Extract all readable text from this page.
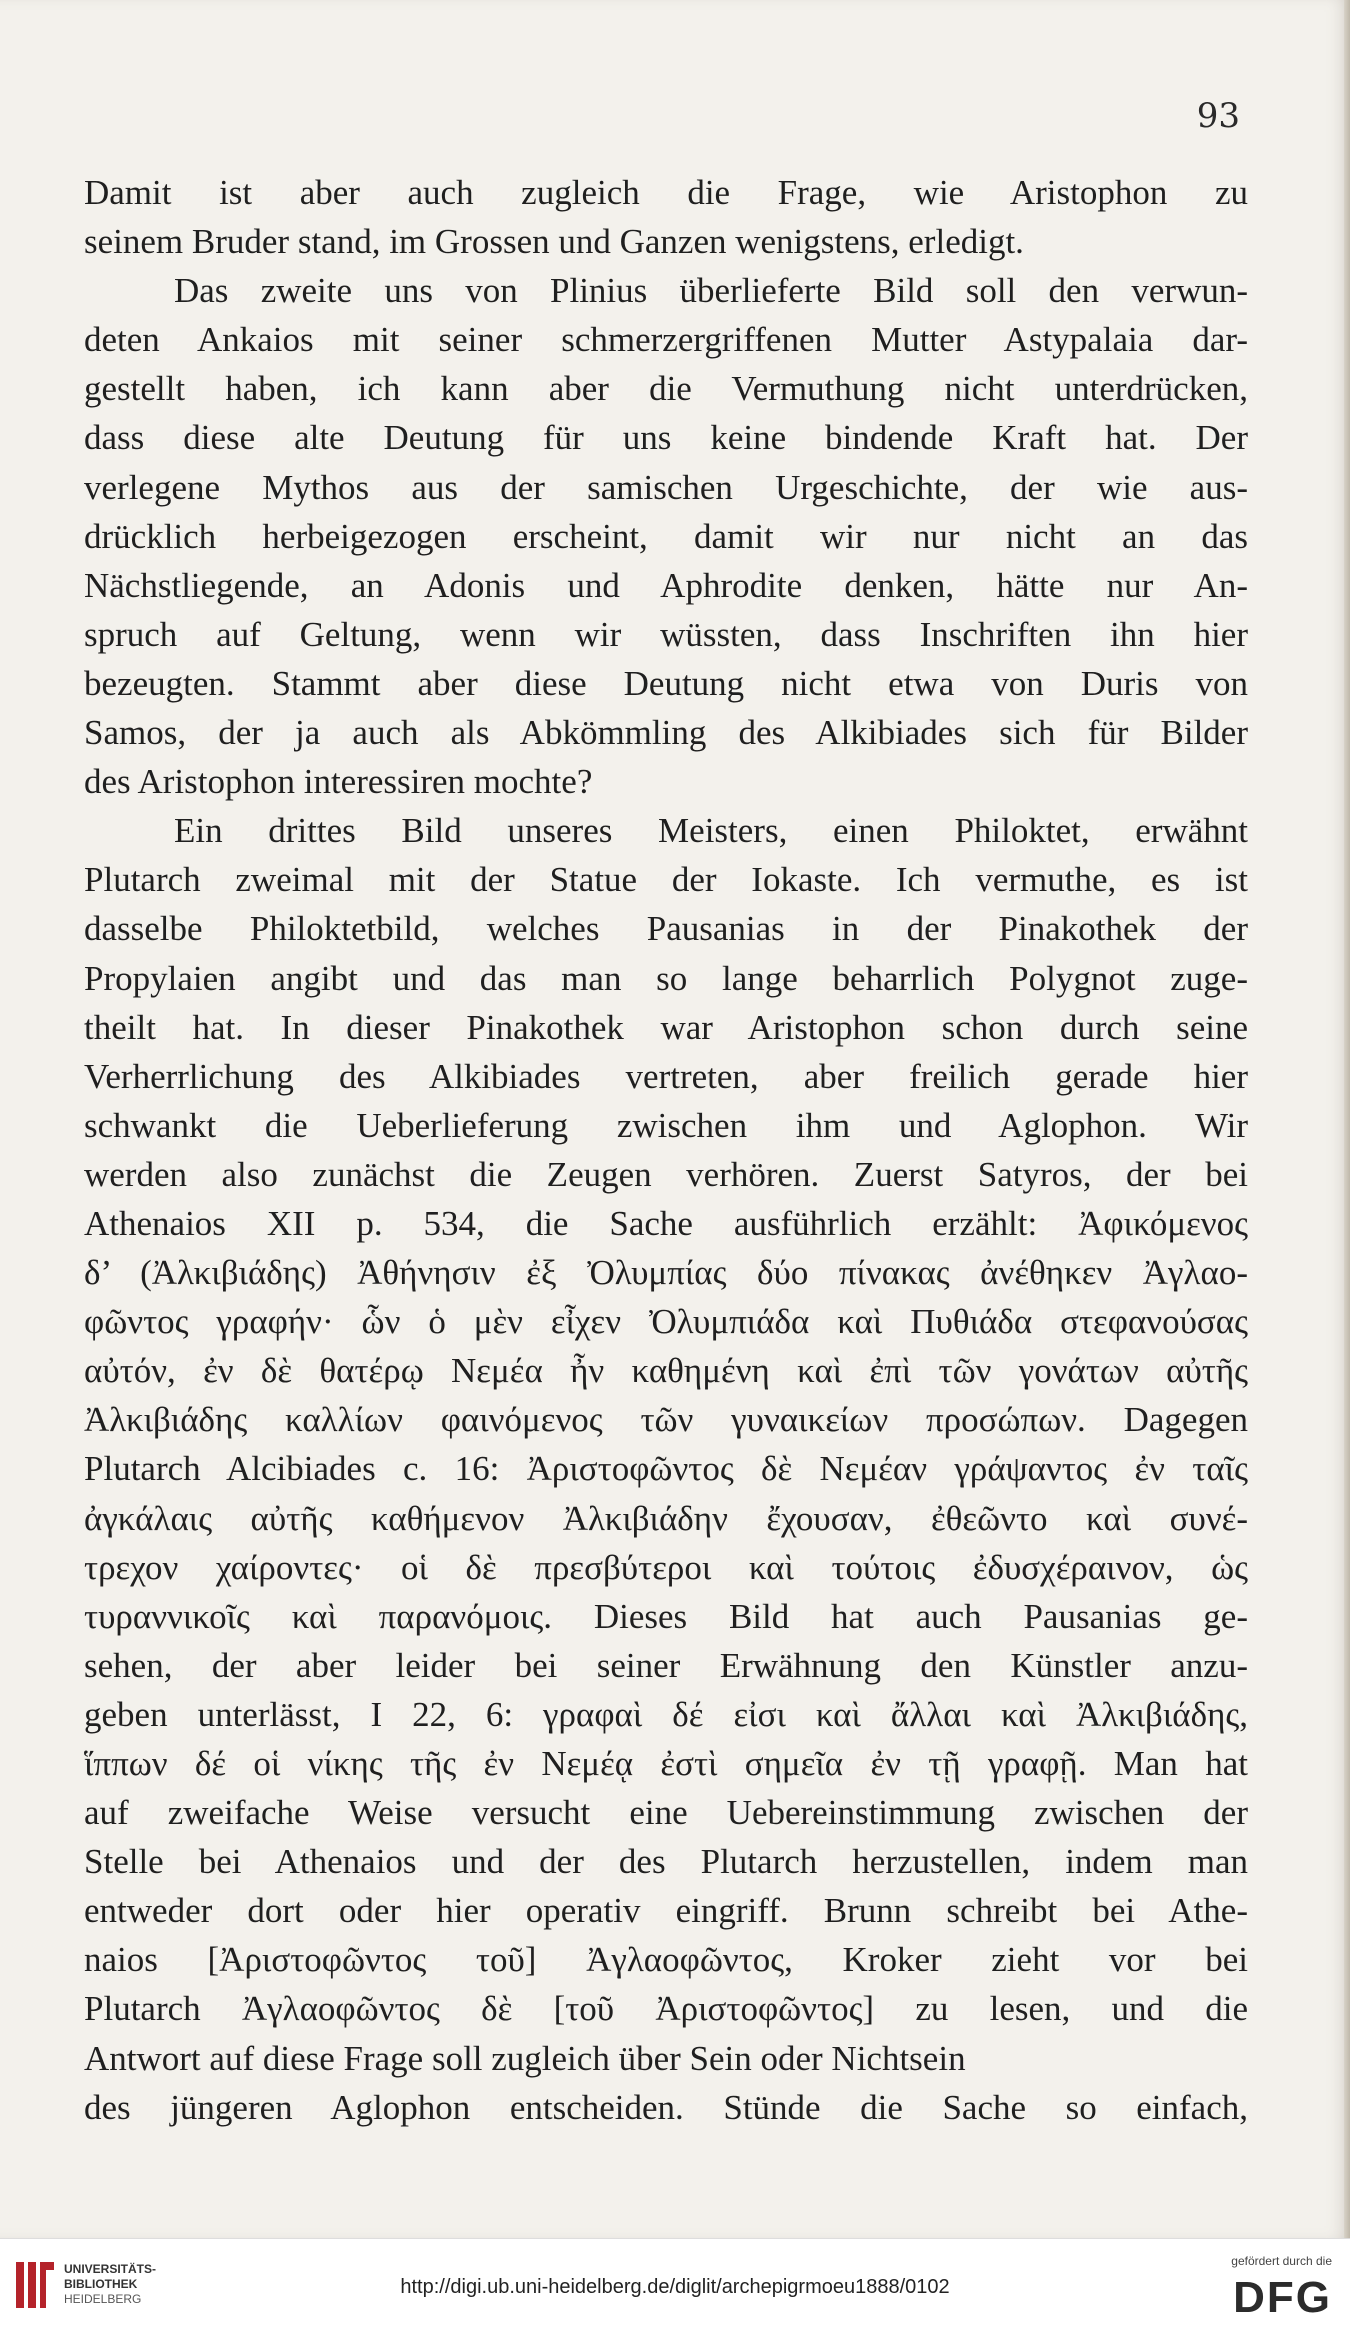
93
Damit ist aber auch zugleich die Frage, wie Aristophon zu
seinem Bruder stand, im Grossen und Ganzen wenigstens, erledigt.
Das zweite uns von Plinius überlieferte Bild soll den verwun-
deten Ankaios mit seiner schmerzergriffenen Mutter Astypalaia dar-
gestellt haben, ich kann aber die Vermuthung nicht unterdrücken,
dass diese alte Deutung für uns keine bindende Kraft hat. Der
verlegene Mythos aus der samischen Urgeschichte, der wie aus-
drücklich herbeigezogen erscheint, damit wir nur nicht an das
Nächstliegende, an Adonis und Aphrodite denken, hätte nur An-
spruch auf Geltung, wenn wir wüssten, dass Inschriften ihn hier
bezeugten. Stammt aber diese Deutung nicht etwa von Duris von
Samos, der ja auch als Abkömmling des Alkibiades sich für Bilder
des Aristophon interessiren mochte?
Ein drittes Bild unseres Meisters, einen Philoktet, erwähnt
Plutarch zweimal mit der Statue der Iokaste. Ich vermuthe, es ist
dasselbe Philoktetbild, welches Pausanias in der Pinakothek der
Propylaien angibt und das man so lange beharrlich Polygnot zuge-
theilt hat. In dieser Pinakothek war Aristophon schon durch seine
Verherrlichung des Alkibiades vertreten, aber freilich gerade hier
schwankt die Ueberlieferung zwischen ihm und Aglophon. Wir
werden also zunächst die Zeugen verhören. Zuerst Satyros, der bei
Athenaios XII p. 534, die Sache ausführlich erzählt: Ἀφικόμενος
δ’ (Ἀλκιβιάδης) Ἀθήνησιν ἐξ Ὀλυμπίας δύο πίνακας ἀνέθηκεν Ἀγλαο-
φῶντος γραφήν· ὧν ὁ μὲν εἶχεν Ὀλυμπιάδα καὶ Πυθιάδα στεφανούσας
αὐτόν, ἐν δὲ θατέρῳ Νεμέα ἦν καθημένη καὶ ἐπὶ τῶν γονάτων αὐτῆς
Ἀλκιβιάδης καλλίων φαινόμενος τῶν γυναικείων προσώπων. Dagegen
Plutarch Alcibiades c. 16: Ἀριστοφῶντος δὲ Νεμέαν γράψαντος ἐν ταῖς
ἀγκάλαις αὐτῆς καθήμενον Ἀλκιβιάδην ἔχουσαν, ἐθεῶντο καὶ συνέ-
τρεχον χαίροντες· οἱ δὲ πρεσβύτεροι καὶ τούτοις ἐδυσχέραινον, ὡς
τυραννικοῖς καὶ παρανόμοις. Dieses Bild hat auch Pausanias ge-
sehen, der aber leider bei seiner Erwähnung den Künstler anzu-
geben unterlässt, I 22, 6: γραφαὶ δέ εἰσι καὶ ἄλλαι καὶ Ἀλκιβιάδης,
ἵππων δέ οἱ νίκης τῆς ἐν Νεμέᾳ ἐστὶ σημεῖα ἐν τῇ γραφῇ. Man hat
auf zweifache Weise versucht eine Uebereinstimmung zwischen der
Stelle bei Athenaios und der des Plutarch herzustellen, indem man
entweder dort oder hier operativ eingriff. Brunn schreibt bei Athe-
naios [Ἀριστοφῶντος τοῦ] Ἀγλαοφῶντος, Kroker zieht vor bei
Plutarch Ἀγλαοφῶντος δὲ [τοῦ Ἀριστοφῶντος] zu lesen, und die
Antwort auf diese Frage soll zugleich über Sein oder Nichtsein
des jüngeren Aglophon entscheiden. Stünde die Sache so einfach,
UNIVERSITÄTS-
BIBLIOTHEK
HEIDELBERG
http://digi.ub.uni-heidelberg.de/diglit/archepigrmoeu1888/0102
gefördert durch die
DFG
